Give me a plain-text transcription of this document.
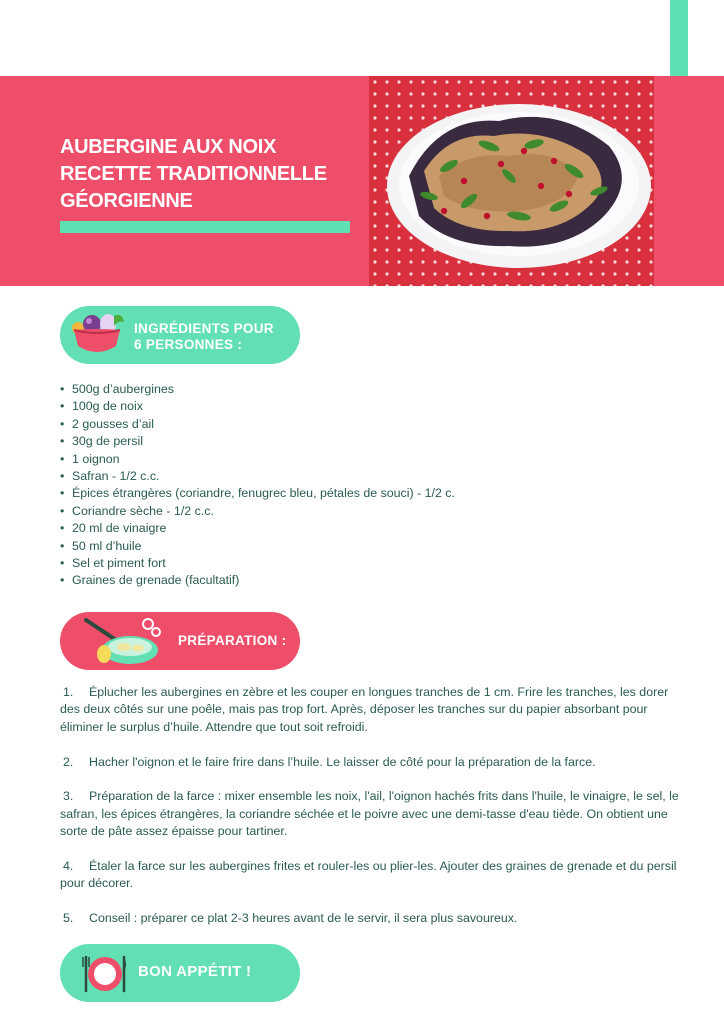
AUBERGINE AUX NOIX
RECETTE TRADITIONNELLE
GÉORGIENNE
INGRÉDIENTS POUR
6 PERSONNES :
• 500g d’aubergines
• 100g de noix
• 2 gousses d’ail
• 30g de persil
• 1 oignon
• Safran - 1/2 c.c.
• Épices étrangères (coriandre, fenugrec bleu, pétales de souci) - 1/2 c.
• Coriandre sèche - 1/2 c.c.
• 20 ml de vinaigre
• 50 ml d’huile
• Sel et piment fort
• Graines de grenade (facultatif)
PRÉPARATION :

1. Éplucher les aubergines en zèbre et les couper en longues tranches de 1 cm. Frire les tranches, les dorer des deux côtés sur une poêle, mais pas trop fort. Après, déposer les tranches sur du papier absorbant pour éliminer le surplus d’huile. Attendre que tout soit refroidi.

2. Hacher l'oignon et le faire frire dans l’huile. Le laisser de côté pour la préparation de la farce.

3. Préparation de la farce : mixer ensemble les noix, l'ail, l'oignon hachés frits dans l'huile, le vinaigre, le sel, le safran, les épices étrangères, la coriandre séchée et le poivre avec une demi-tasse d'eau tiède. On obtient une sorte de pâte assez épaisse pour tartiner.

4. Étaler la farce sur les aubergines frites et rouler-les ou plier-les. Ajouter des graines de grenade et du persil pour décorer.

5. Conseil : préparer ce plat 2-3 heures avant de le servir, il sera plus savoureux.

BON APPÉTIT !
